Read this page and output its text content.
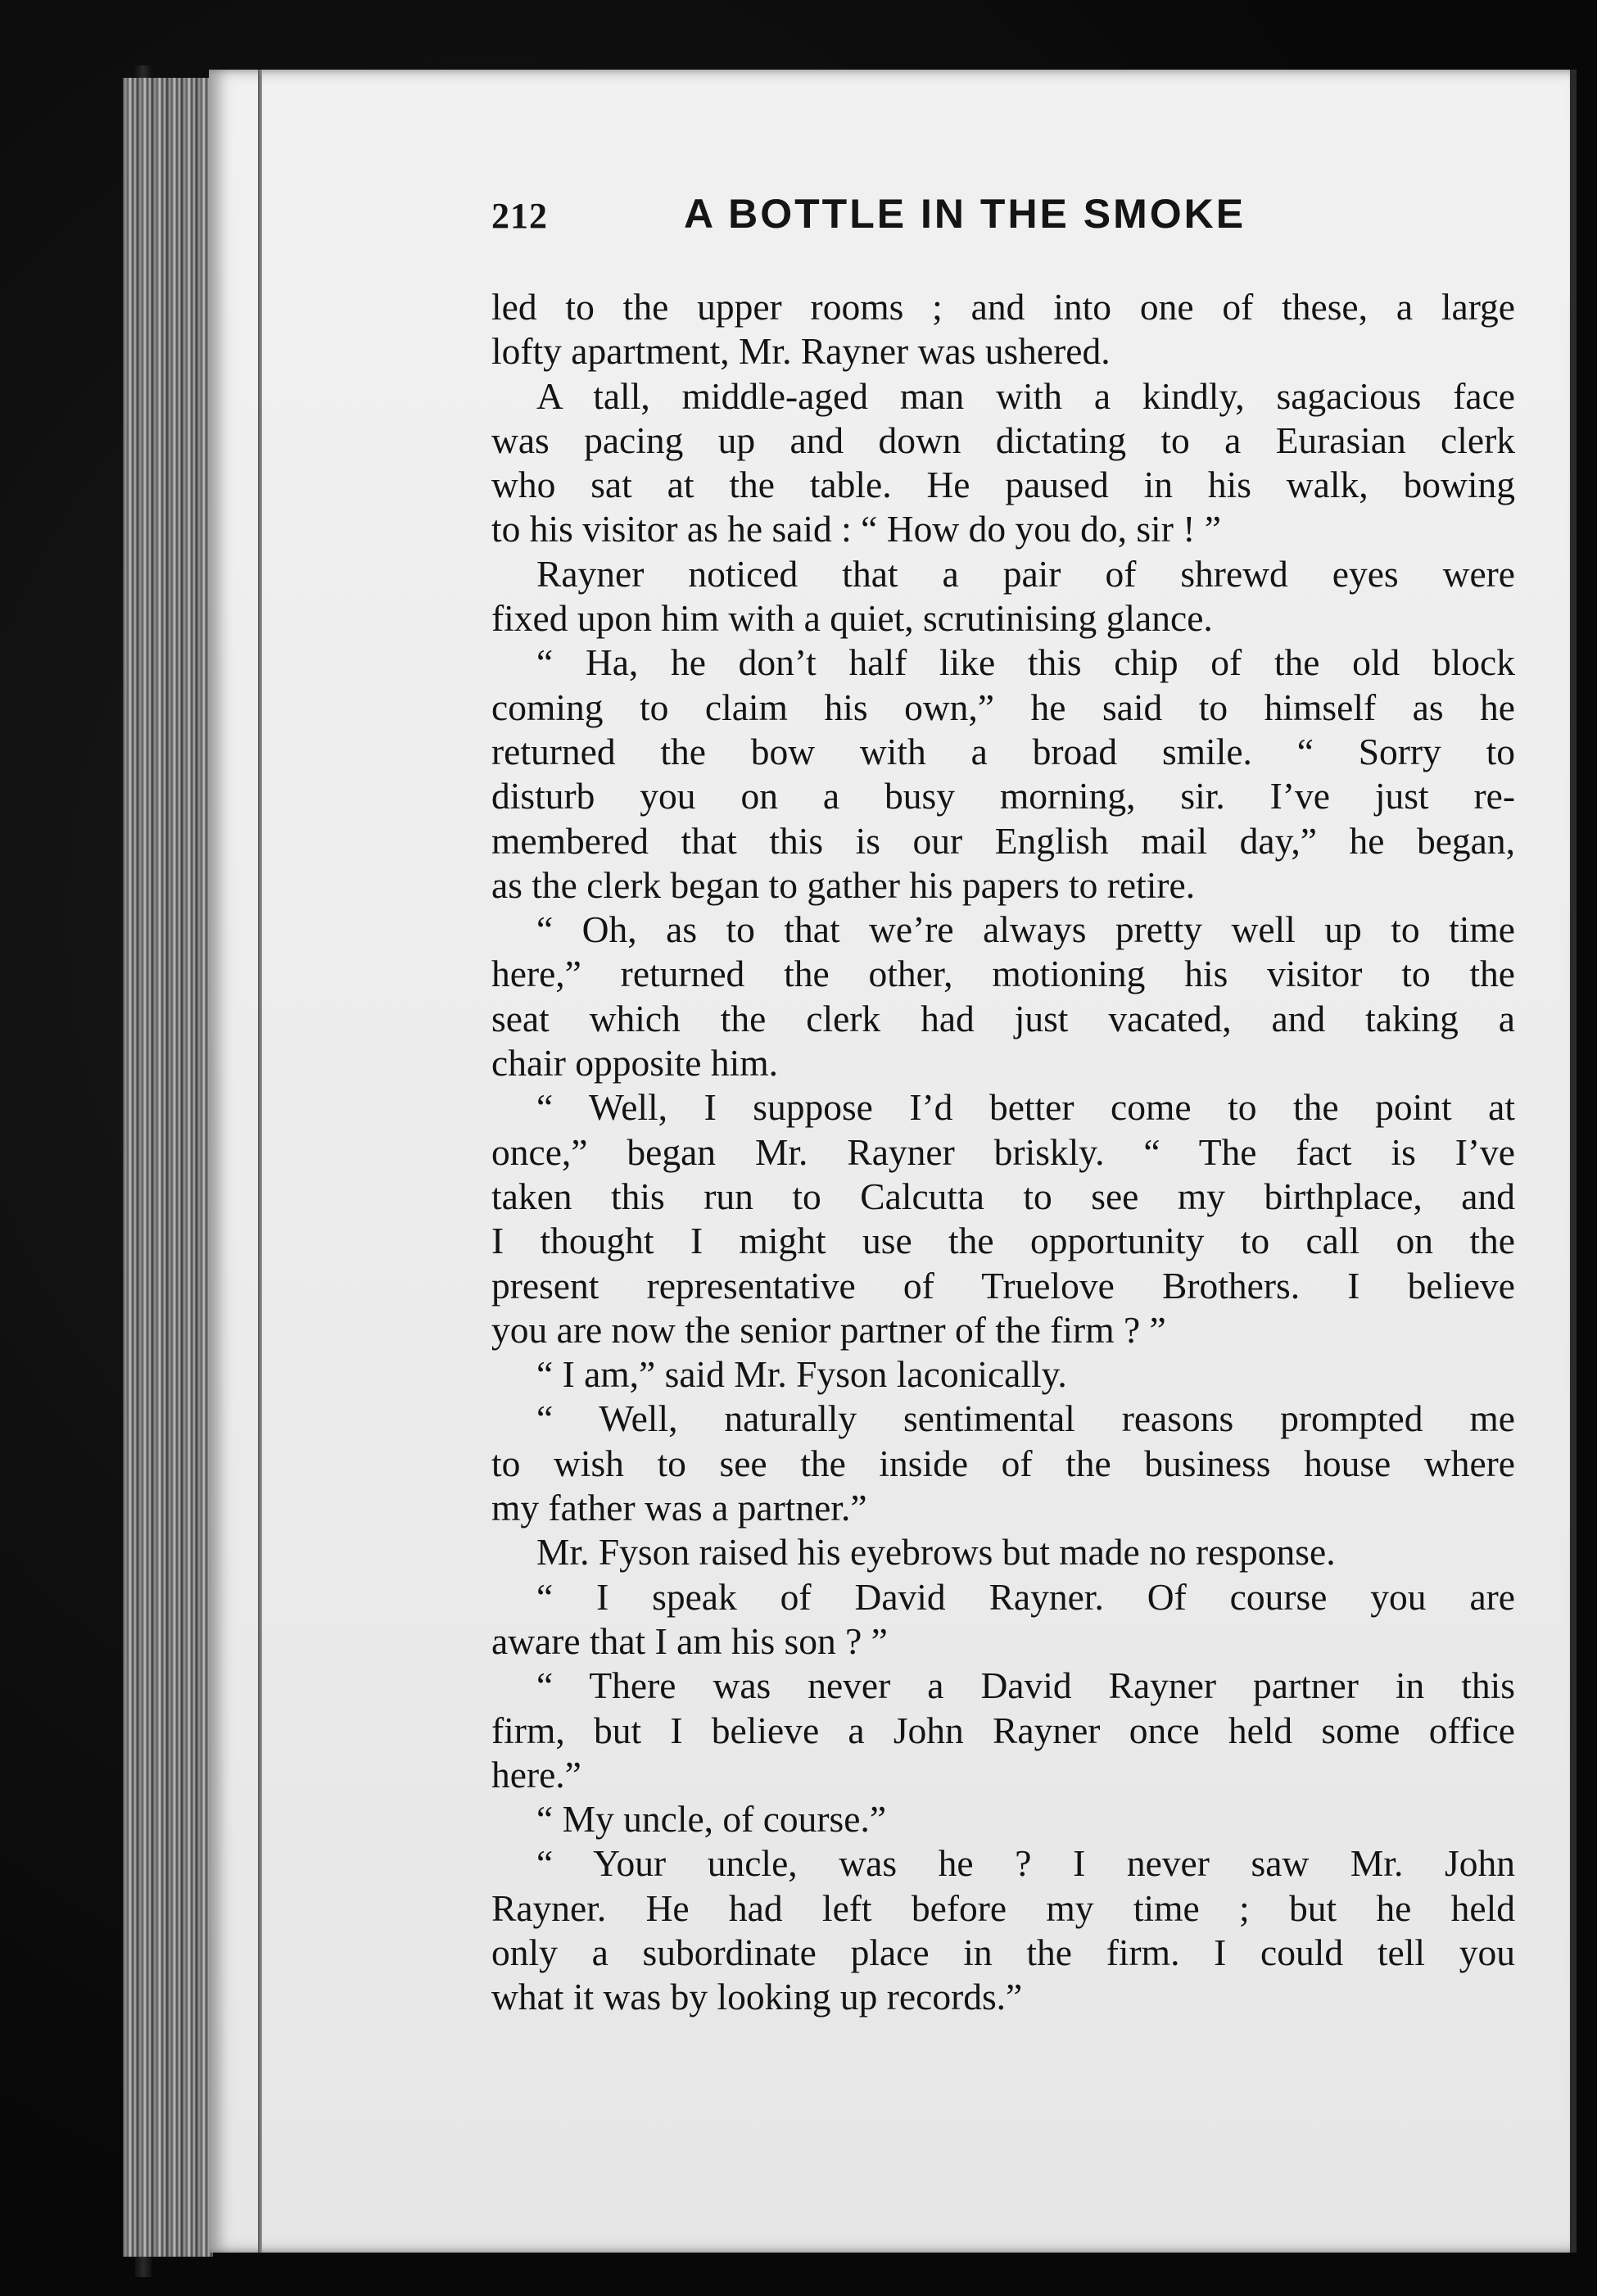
212	A BOTTLE IN THE SMOKE
led to the upper rooms ; and into one of these, a large
lofty apartment, Mr. Rayner was ushered.
A tall, middle-aged man with a kindly, sagacious face
was pacing up and down dictating to a Eurasian clerk
who sat at the table. He paused in his walk, bowing
to his visitor as he said : “ How do you do, sir ! ”
Rayner noticed that a pair of shrewd eyes were
fixed upon him with a quiet, scrutinising glance.
“ Ha, he don’t half like this chip of the old block
coming to claim his own,” he said to himself as he
returned the bow with a broad smile. “ Sorry to
disturb you on a busy morning, sir. I’ve just re-
membered that this is our English mail day,” he began,
as the clerk began to gather his papers to retire.
“ Oh, as to that we’re always pretty well up to time
here,” returned the other, motioning his visitor to the
seat which the clerk had just vacated, and taking a
chair opposite him.
“ Well, I suppose I’d better come to the point at
once,” began Mr. Rayner briskly. “ The fact is I’ve
taken this run to Calcutta to see my birthplace, and
I thought I might use the opportunity to call on the
present representative of Truelove Brothers. I believe
you are now the senior partner of the firm ? ”
“ I am,” said Mr. Fyson laconically.
“ Well, naturally sentimental reasons prompted me
to wish to see the inside of the business house where
my father was a partner.”
Mr. Fyson raised his eyebrows but made no response.
“ I speak of David Rayner. Of course you are
aware that I am his son ? ”
“ There was never a David Rayner partner in this
firm, but I believe a John Rayner once held some office
here.”
“ My uncle, of course.”
“ Your uncle, was he ? I never saw Mr. John
Rayner. He had left before my time ; but he held
only a subordinate place in the firm. I could tell you
what it was by looking up records.”
